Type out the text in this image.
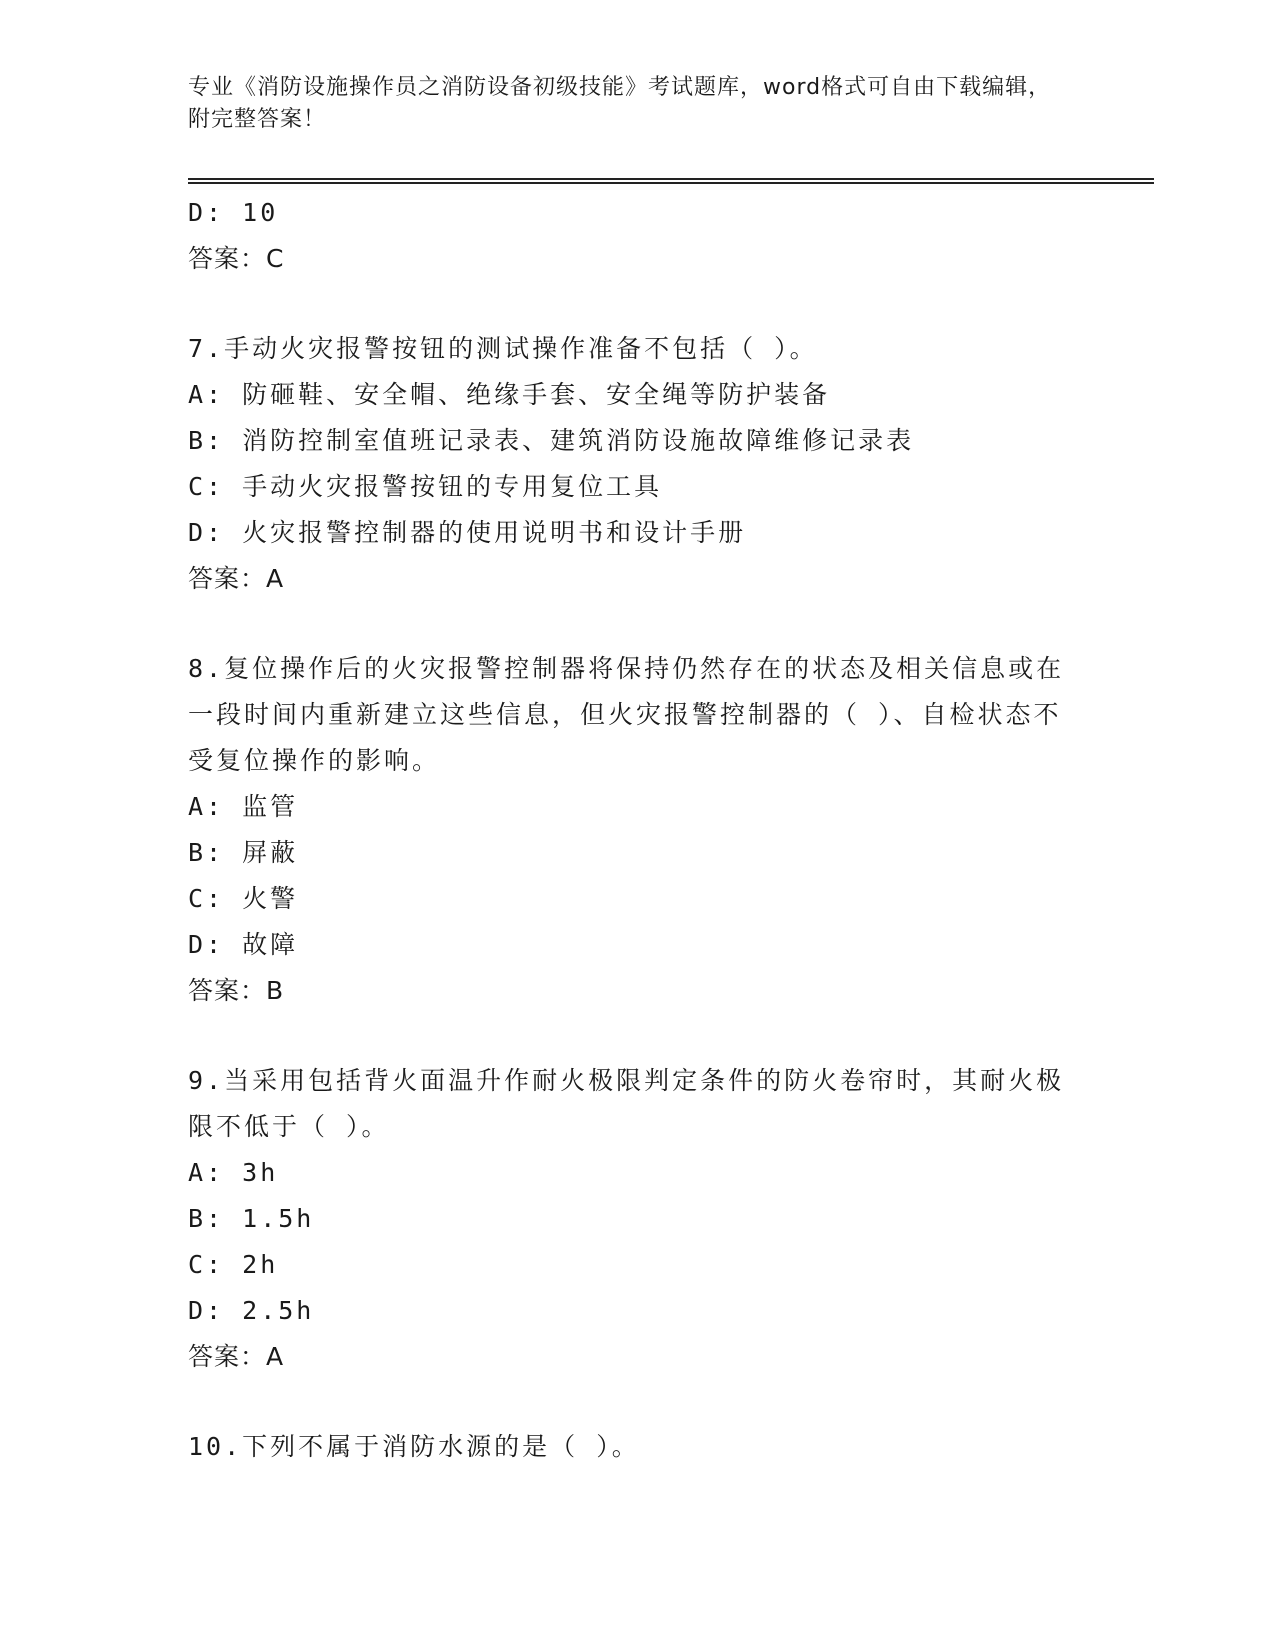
专业《消防设施操作员之消防设备初级技能》考试题库，word格式可自由下载编辑，附完整答案！
D: 10
答案：C
7.手动火灾报警按钮的测试操作准备不包括（ ）。
A: 防砸鞋、安全帽、绝缘手套、安全绳等防护装备
B: 消防控制室值班记录表、建筑消防设施故障维修记录表
C: 手动火灾报警按钮的专用复位工具
D: 火灾报警控制器的使用说明书和设计手册
答案：A
8.复位操作后的火灾报警控制器将保持仍然存在的状态及相关信息或在一段时间内重新建立这些信息，但火灾报警控制器的（ ）、自检状态不受复位操作的影响。
A: 监管
B: 屏蔽
C: 火警
D: 故障
答案：B
9.当采用包括背火面温升作耐火极限判定条件的防火卷帘时，其耐火极限不低于（ ）。
A: 3h
B: 1.5h
C: 2h
D: 2.5h
答案：A
10.下列不属于消防水源的是（ ）。
